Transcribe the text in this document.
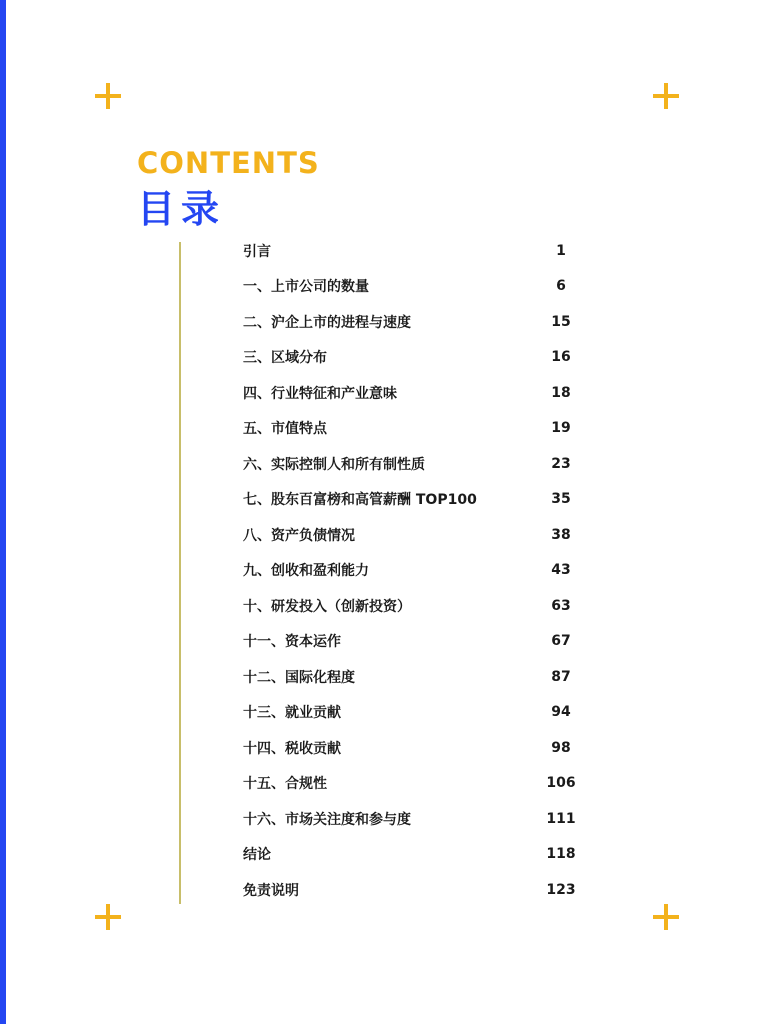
CONTENTS
目录
引言	1
一、上市公司的数量	6
二、沪企上市的进程与速度	15
三、区域分布	16
四、行业特征和产业意味	18
五、市值特点	19
六、实际控制人和所有制性质	23
七、股东百富榜和高管薪酬 TOP100	35
八、资产负债情况	38
九、创收和盈利能力	43
十、研发投入（创新投资）	63
十一、资本运作	67
十二、国际化程度	87
十三、就业贡献	94
十四、税收贡献	98
十五、合规性	106
十六、市场关注度和参与度	111
结论	118
免责说明	123
